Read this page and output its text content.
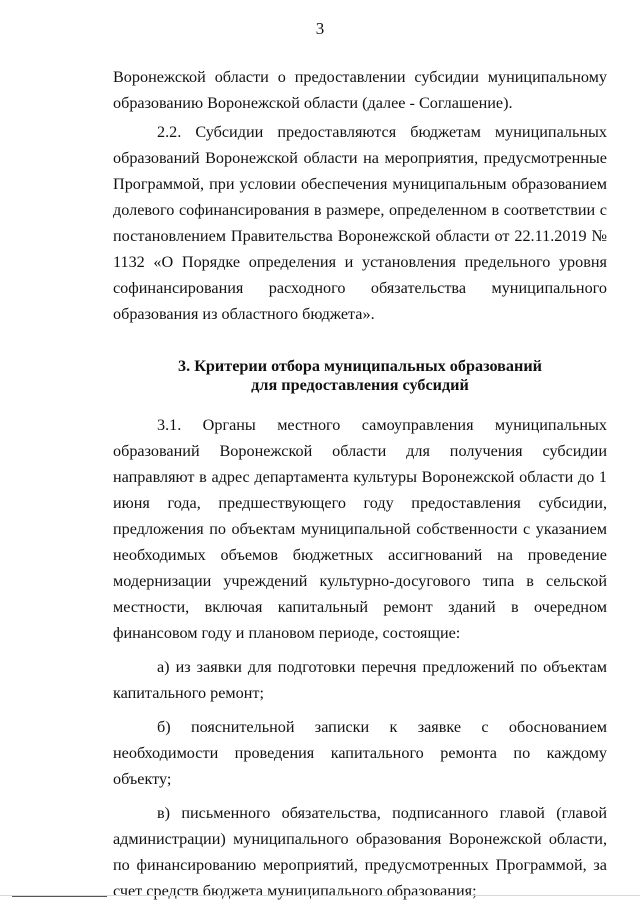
3

Воронежской области о предоставлении субсидии муниципальному образованию Воронежской области (далее - Соглашение).

2.2. Субсидии предоставляются бюджетам муниципальных образований Воронежской области на мероприятия, предусмотренные Программой, при условии обеспечения муниципальным образованием долевого софинансирования в размере, определенном в соответствии с постановлением Правительства Воронежской области от 22.11.2019 № 1132 «О Порядке определения и установления предельного уровня софинансирования расходного обязательства муниципального образования из областного бюджета».

3. Критерии отбора муниципальных образований
для предоставления субсидий

3.1. Органы местного самоуправления муниципальных образований Воронежской области для получения субсидии направляют в адрес департамента культуры Воронежской области до 1 июня года, предшествующего году предоставления субсидии, предложения по объектам муниципальной собственности с указанием необходимых объемов бюджетных ассигнований на проведение модернизации учреждений культурно-досугового типа в сельской местности, включая капитальный ремонт зданий в очередном финансовом году и плановом периоде, состоящие:

а) из заявки для подготовки перечня предложений по объектам капитального ремонт;

б) пояснительной записки к заявке с обоснованием необходимости проведения капитального ремонта по каждому объекту;

в) письменного обязательства, подписанного главой (главой администрации) муниципального образования Воронежской области, по финансированию мероприятий, предусмотренных Программой, за счет средств бюджета муниципального образования;
